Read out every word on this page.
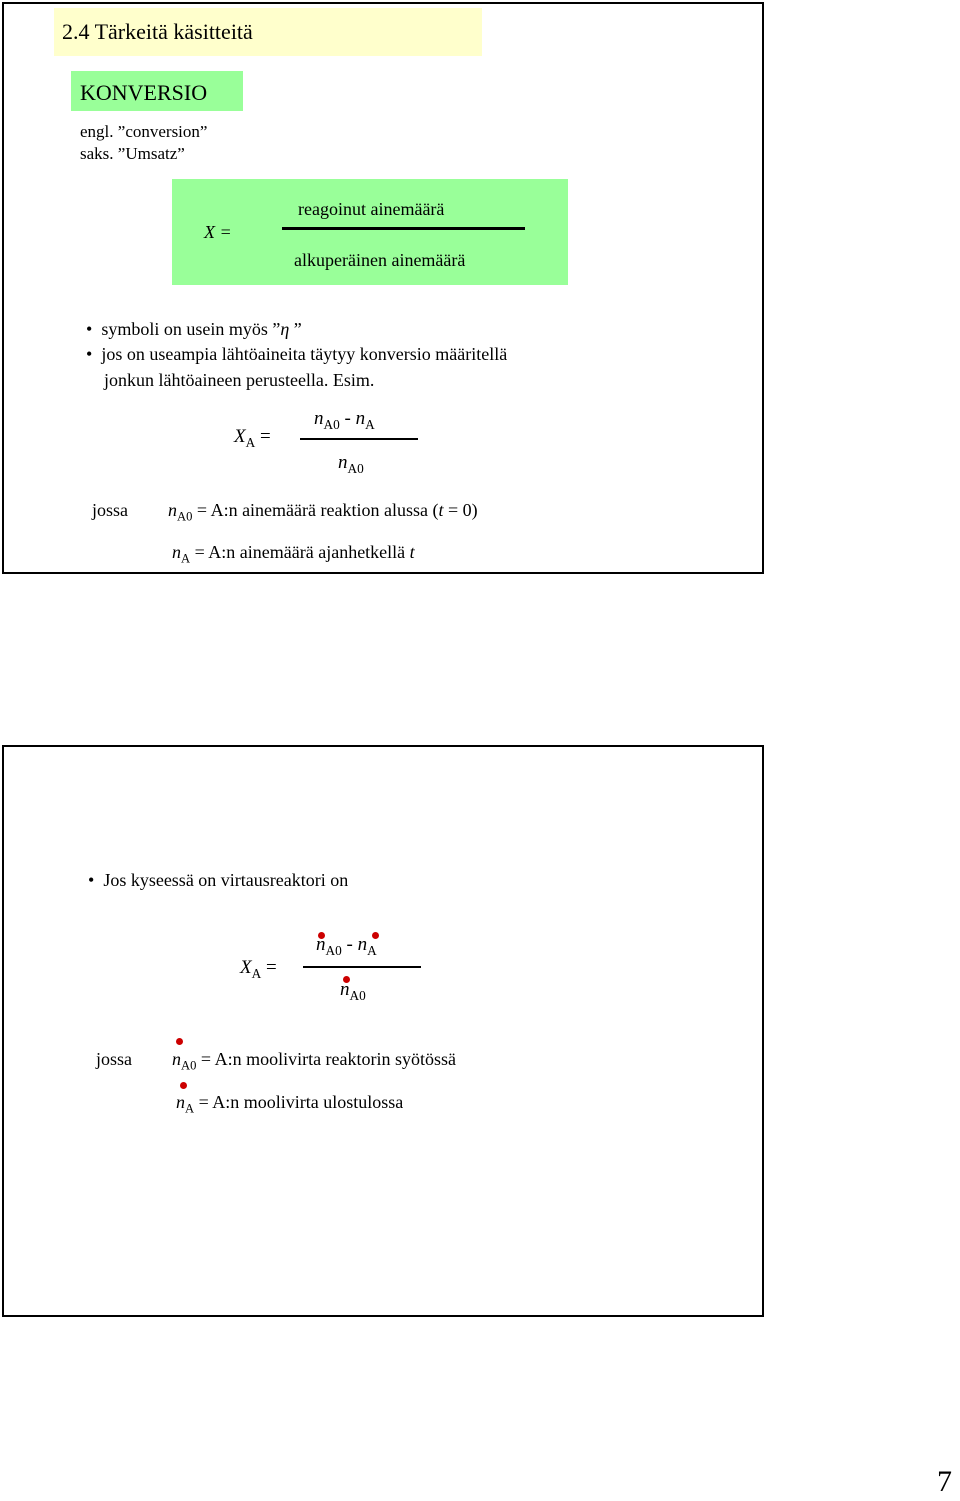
2.4 Tärkeitä käsitteitä
KONVERSIO
engl. ”conversion”
saks. ”Umsatz”
X =
reagoinut ainemäärä
alkuperäinen ainemäärä
• symboli on usein myös ”η ”
• jos on useampia lähtöaineita täytyy konversio määritellä
jonkun lähtöaineen perusteella. Esim.
$X_A$ =
$n_{A0} - n_A$
$n_{A0}$
jossa $n_{A0}$ = A:n ainemäärä reaktion alussa (t = 0)
$n_A$ = A:n ainemäärä ajanhetkellä t
• Jos kyseessä on virtausreaktori on
$X_A$ =
$n_{A0} - n_A$
$n_{A0}$
jossa $n_{A0}$ = A:n moolivirta reaktorin syötössä
$n_A$ = A:n moolivirta ulostulossa
7
